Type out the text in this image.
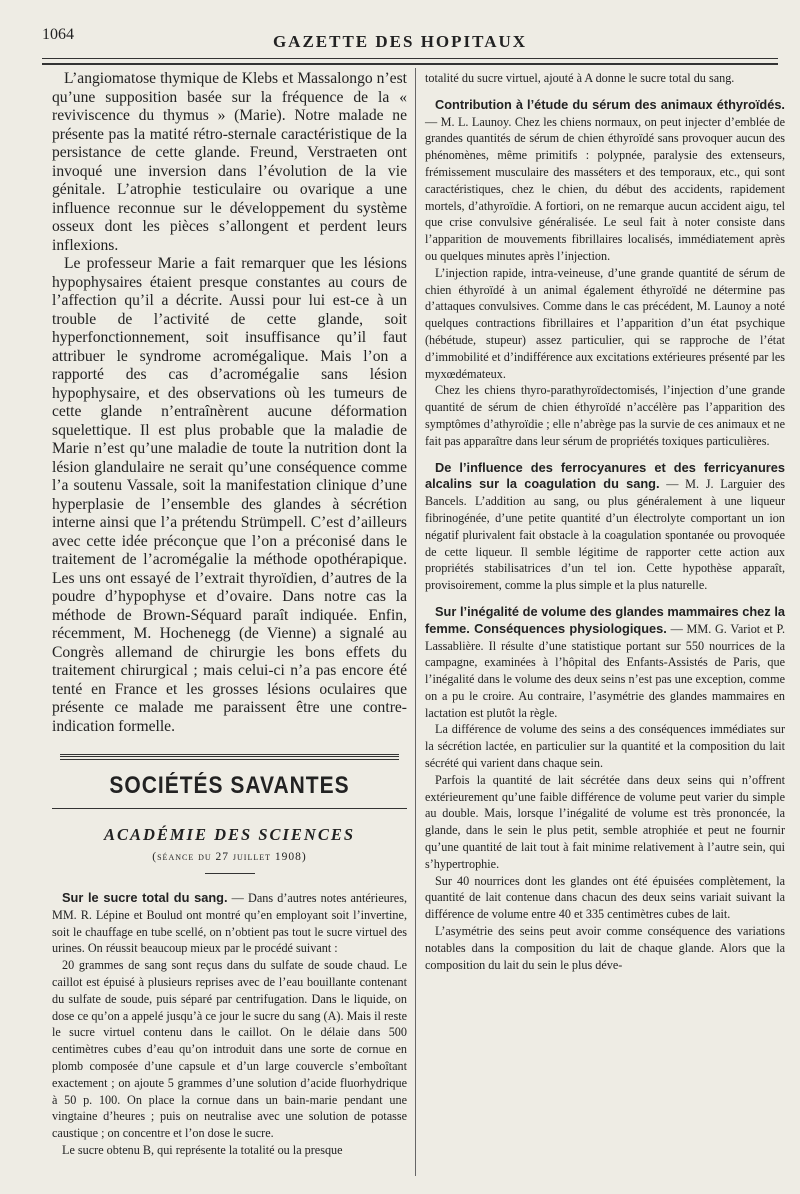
1064	GAZETTE DES HOPITAUX

L’angiomatose thymique de Klebs et Massalongo n’est qu’une supposition basée sur la fréquence de la « reviviscence du thymus » (Marie). Notre malade ne présente pas la matité rétro-sternale caractéristique de la persistance de cette glande. Freund, Verstraeten ont invoqué une inversion dans l’évolution de la vie génitale. L’atrophie testiculaire ou ovarique a une influence reconnue sur le développement du système osseux dont les pièces s’allongent et perdent leurs inflexions.

Le professeur Marie a fait remarquer que les lésions hypophysaires étaient presque constantes au cours de l’affection qu’il a décrite. Aussi pour lui est-ce à un trouble de l’activité de cette glande, soit hyperfonctionnement, soit insuffisance qu’il faut attribuer le syndrome acromégalique. Mais l’on a rapporté des cas d’acromégalie sans lésion hypophysaire, et des observations où les tumeurs de cette glande n’entraînèrent aucune déformation squelettique. Il est plus probable que la maladie de Marie n’est qu’une maladie de toute la nutrition dont la lésion glandulaire ne serait qu’une conséquence comme l’a soutenu Vassale, soit la manifestation clinique d’une hyperplasie de l’ensemble des glandes à sécrétion interne ainsi que l’a prétendu Strümpell. C’est d’ailleurs avec cette idée préconçue que l’on a préconisé dans le traitement de l’acromégalie la méthode opothérapique. Les uns ont essayé de l’extrait thyroïdien, d’autres de la poudre d’hypophyse et d’ovaire. Dans notre cas la méthode de Brown-Séquard paraît indiquée. Enfin, récemment, M. Hochenegg (de Vienne) a signalé au Congrès allemand de chirurgie les bons effets du traitement chirurgical ; mais celui-ci n’a pas encore été tenté en France et les grosses lésions oculaires que présente ce malade me paraissent être une contre-indication formelle.

SOCIÉTÉS SAVANTES
ACADÉMIE DES SCIENCES
(séance du 27 juillet 1908)

Sur le sucre total du sang. — Dans d’autres notes antérieures, MM. R. Lépine et Boulud ont montré qu’en employant soit l’invertine, soit le chauffage en tube scellé, on n’obtient pas tout le sucre virtuel des urines. On réussit beaucoup mieux par le procédé suivant :

20 grammes de sang sont reçus dans du sulfate de soude chaud. Le caillot est épuisé à plusieurs reprises avec de l’eau bouillante contenant du sulfate de soude, puis séparé par centrifugation. Dans le liquide, on dose ce qu’on a appelé jusqu’à ce jour le sucre du sang (A). Mais il reste le sucre virtuel contenu dans le caillot. On le délaie dans 500 centimètres cubes d’eau qu’on introduit dans une sorte de cornue en plomb composée d’une capsule et d’un large couvercle s’emboîtant exactement ; on ajoute 5 grammes d’une solution d’acide fluorhydrique à 50 p. 100. On place la cornue dans un bain-marie pendant une vingtaine d’heures ; puis on neutralise avec une solution de potasse caustique ; on concentre et l’on dose le sucre.

Le sucre obtenu B, qui représente la totalité ou la presque

totalité du sucre virtuel, ajouté à A donne le sucre total du sang.

Contribution à l’étude du sérum des animaux éthyroïdés. — M. L. Launoy. Chez les chiens normaux, on peut injecter d’emblée de grandes quantités de sérum de chien éthyroïdé sans provoquer aucun des phénomènes, même primitifs : polypnée, paralysie des extenseurs, frémissement musculaire des masséters et des temporaux, etc., qui sont caractéristiques, chez le chien, du début des accidents, rapidement mortels, d’athyroïdie. A fortiori, on ne remarque aucun accident aigu, tel que crise convulsive généralisée. Le seul fait à noter consiste dans l’apparition de mouvements fibrillaires localisés, immédiatement après ou quelques minutes après l’injection.

L’injection rapide, intra-veineuse, d’une grande quantité de sérum de chien éthyroïdé à un animal également éthyroïdé ne détermine pas d’attaques convulsives. Comme dans le cas précédent, M. Launoy a noté quelques contractions fibrillaires et l’apparition d’un état psychique (hébétude, stupeur) assez particulier, qui se rapproche de l’état d’immobilité et d’indifférence aux excitations extérieures présenté par les myxœdémateux.

Chez les chiens thyro-parathyroïdectomisés, l’injection d’une grande quantité de sérum de chien éthyroïdé n’accélère pas l’apparition des symptômes d’athyroïdie ; elle n’abrège pas la survie de ces animaux et ne fait pas apparaître dans leur sérum de propriétés toxiques particulières.

De l’influence des ferrocyanures et des ferricyanures alcalins sur la coagulation du sang. — M. J. Larguier des Bancels. L’addition au sang, ou plus généralement à une liqueur fibrinogénée, d’une petite quantité d’un électrolyte comportant un ion négatif plurivalent fait obstacle à la coagulation spontanée ou provoquée de cette liqueur. Il semble légitime de rapporter cette action aux propriétés stabilisatrices d’un tel ion. Cette hypothèse apparaît, provisoirement, comme la plus simple et la plus naturelle.

Sur l’inégalité de volume des glandes mammaires chez la femme. Conséquences physiologiques. — MM. G. Variot et P. Lassablière. Il résulte d’une statistique portant sur 550 nourrices de la campagne, examinées à l’hôpital des Enfants-Assistés de Paris, que l’inégalité dans le volume des deux seins n’est pas une exception, comme on a pu le croire. Au contraire, l’asymétrie des glandes mammaires en lactation est plutôt la règle.

La différence de volume des seins a des conséquences immédiates sur la sécrétion lactée, en particulier sur la quantité et la composition du lait sécrété qui varient dans chaque sein.

Parfois la quantité de lait sécrétée dans deux seins qui n’offrent extérieurement qu’une faible différence de volume peut varier du simple au double. Mais, lorsque l’inégalité de volume est très prononcée, la glande, dans le sein le plus petit, semble atrophiée et peut ne fournir qu’une quantité de lait tout à fait minime relativement à l’autre sein, qui s’hypertrophie.

Sur 40 nourrices dont les glandes ont été épuisées complètement, la quantité de lait contenue dans chacun des deux seins variait suivant la différence de volume entre 40 et 335 centimètres cubes de lait.

L’asymétrie des seins peut avoir comme conséquence des variations notables dans la composition du lait de chaque glande. Alors que la composition du lait du sein le plus déve-
